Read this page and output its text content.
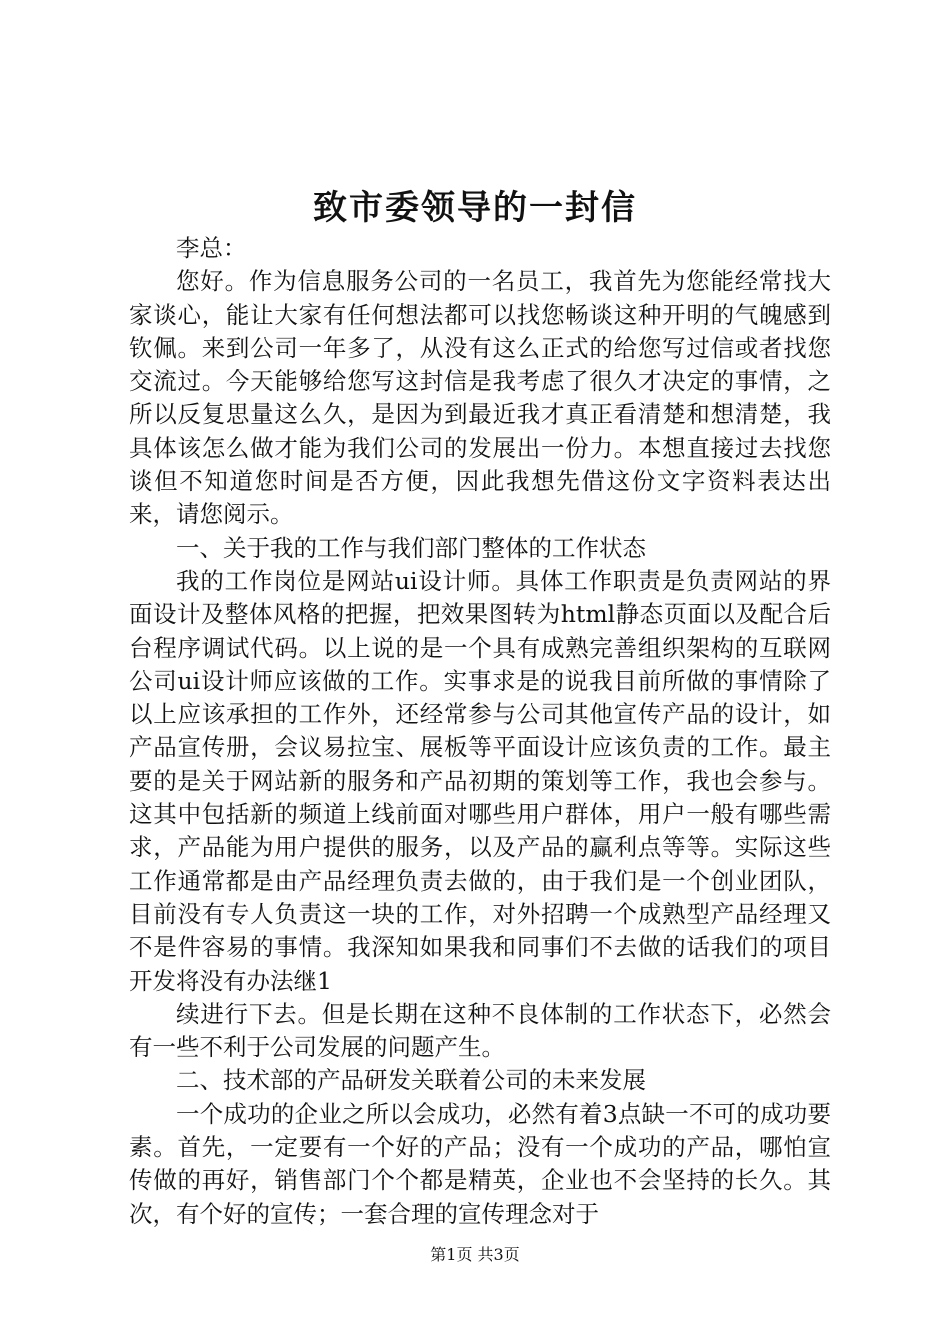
致市委领导的一封信

李总：

您好。作为信息服务公司的一名员工，我首先为您能经常找大家谈心，能让大家有任何想法都可以找您畅谈这种开明的气魄感到钦佩。来到公司一年多了，从没有这么正式的给您写过信或者找您交流过。今天能够给您写这封信是我考虑了很久才决定的事情，之所以反复思量这么久，是因为到最近我才真正看清楚和想清楚，我具体该怎么做才能为我们公司的发展出一份力。本想直接过去找您谈但不知道您时间是否方便，因此我想先借这份文字资料表达出来，请您阅示。

一、关于我的工作与我们部门整体的工作状态

我的工作岗位是网站ui设计师。具体工作职责是负责网站的界面设计及整体风格的把握，把效果图转为html静态页面以及配合后台程序调试代码。以上说的是一个具有成熟完善组织架构的互联网公司ui设计师应该做的工作。实事求是的说我目前所做的事情除了以上应该承担的工作外，还经常参与公司其他宣传产品的设计，如产品宣传册，会议易拉宝、展板等平面设计应该负责的工作。最主要的是关于网站新的服务和产品初期的策划等工作，我也会参与。这其中包括新的频道上线前面对哪些用户群体，用户一般有哪些需求，产品能为用户提供的服务，以及产品的赢利点等等。实际这些工作通常都是由产品经理负责去做的，由于我们是一个创业团队，目前没有专人负责这一块的工作，对外招聘一个成熟型产品经理又不是件容易的事情。我深知如果我和同事们不去做的话我们的项目开发将没有办法继1

续进行下去。但是长期在这种不良体制的工作状态下，必然会有一些不利于公司发展的问题产生。

二、技术部的产品研发关联着公司的未来发展

一个成功的企业之所以会成功，必然有着3点缺一不可的成功要素。首先，一定要有一个好的产品；没有一个成功的产品，哪怕宣传做的再好，销售部门个个都是精英，企业也不会坚持的长久。其次，有个好的宣传；一套合理的宣传理念对于

第1页 共3页
